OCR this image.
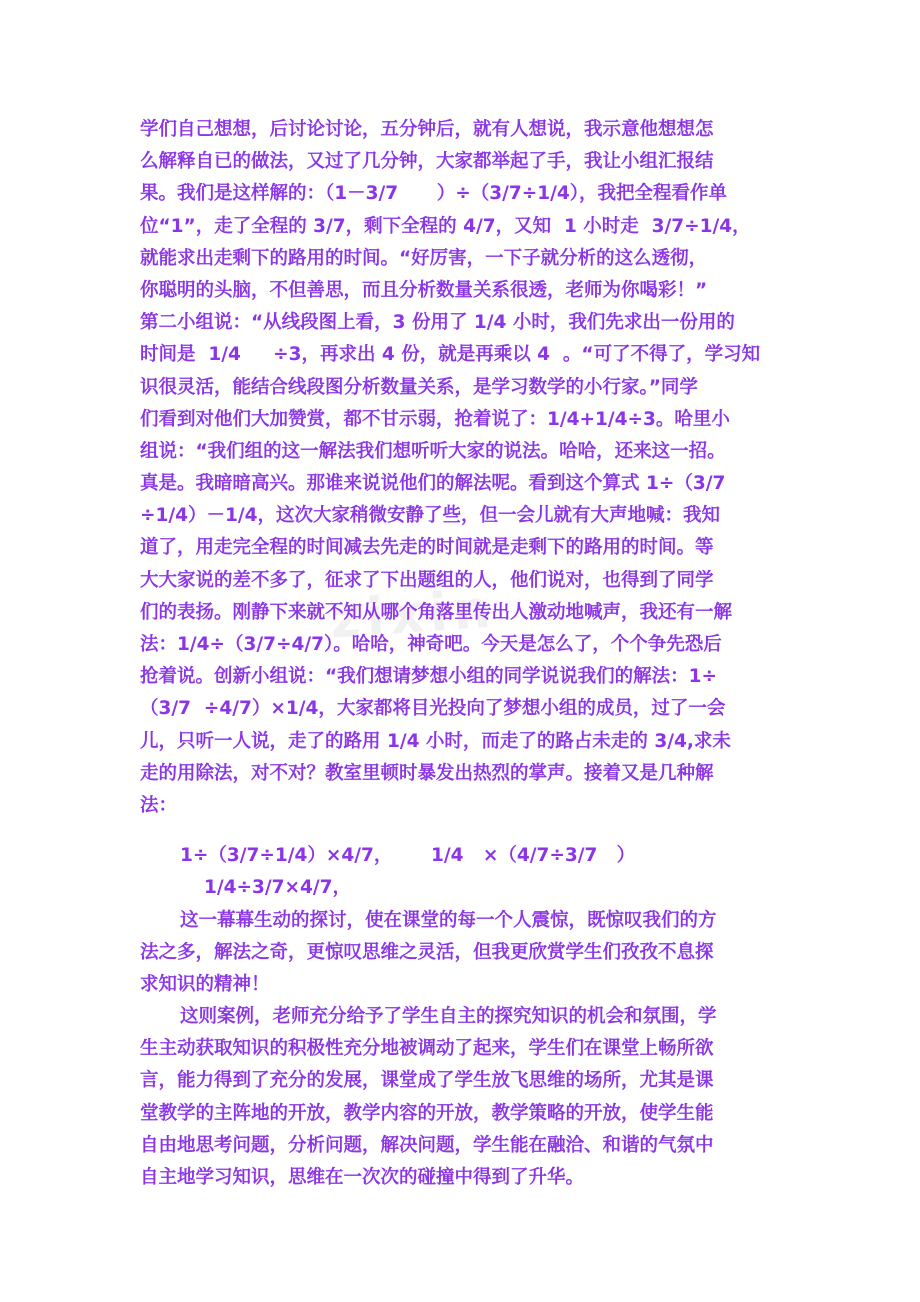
zixin
学们自己想想，后讨论讨论，五分钟后，就有人想说，我示意他想想怎
么解释自已的做法，又过了几分钟，大家都举起了手，我让小组汇报结
果。我们是这样解的：（1－3/7      ）÷（3/7÷1/4），我把全程看作单
位“1”，走了全程的 3/7，剩下全程的 4/7，又知  1 小时走  3/7÷1/4，
就能求出走剩下的路用的时间。“好厉害，一下子就分析的这么透彻，
你聪明的头脑，不但善思，而且分析数量关系很透，老师为你喝彩！”
第二小组说：“从线段图上看，3 份用了 1/4 小时，我们先求出一份用的
时间是  1/4     ÷3，再求出 4 份，就是再乘以 4  。“可了不得了，学习知
识很灵活，能结合线段图分析数量关系，是学习数学的小行家。”同学
们看到对他们大加赞赏，都不甘示弱，抢着说了：1/4+1/4÷3。哈里小
组说：“我们组的这一解法我们想听听大家的说法。哈哈，还来这一招。
真是。我暗暗高兴。那谁来说说他们的解法呢。看到这个算式 1÷（3/7
÷1/4）－1/4，这次大家稍微安静了些，但一会儿就有大声地喊：我知
道了，用走完全程的时间减去先走的时间就是走剩下的路用的时间。等
大大家说的差不多了，征求了下出题组的人，他们说对，也得到了同学
们的表扬。刚静下来就不知从哪个角落里传出人激动地喊声，我还有一解
法：1/4÷（3/7÷4/7）。哈哈，神奇吧。今天是怎么了，个个争先恐后
抢着说。创新小组说：“我们想请梦想小组的同学说说我们的解法：1÷
（3/7  ÷4/7）×1/4，大家都将目光投向了梦想小组的成员，过了一会
儿，只听一人说，走了的路用 1/4 小时，而走了的路占未走的 3/4,求未
走的用除法，对不对？教室里顿时暴发出热烈的掌声。接着又是几种解
法：
1÷（3/7÷1/4）×4/7，      1/4   ×（4/7÷3/7   ）
1/4÷3/7×4/7，
这一幕幕生动的探讨，使在课堂的每一个人震惊，既惊叹我们的方
法之多，解法之奇，更惊叹思维之灵活，但我更欣赏学生们孜孜不息探
求知识的精神！
这则案例，老师充分给予了学生自主的探究知识的机会和氛围，学
生主动获取知识的积极性充分地被调动了起来，学生们在课堂上畅所欲
言，能力得到了充分的发展，课堂成了学生放飞思维的场所，尤其是课
堂教学的主阵地的开放，教学内容的开放，教学策略的开放，使学生能
自由地思考问题，分析问题，解决问题，学生能在融洽、和谐的气氛中
自主地学习知识，思维在一次次的碰撞中得到了升华。
